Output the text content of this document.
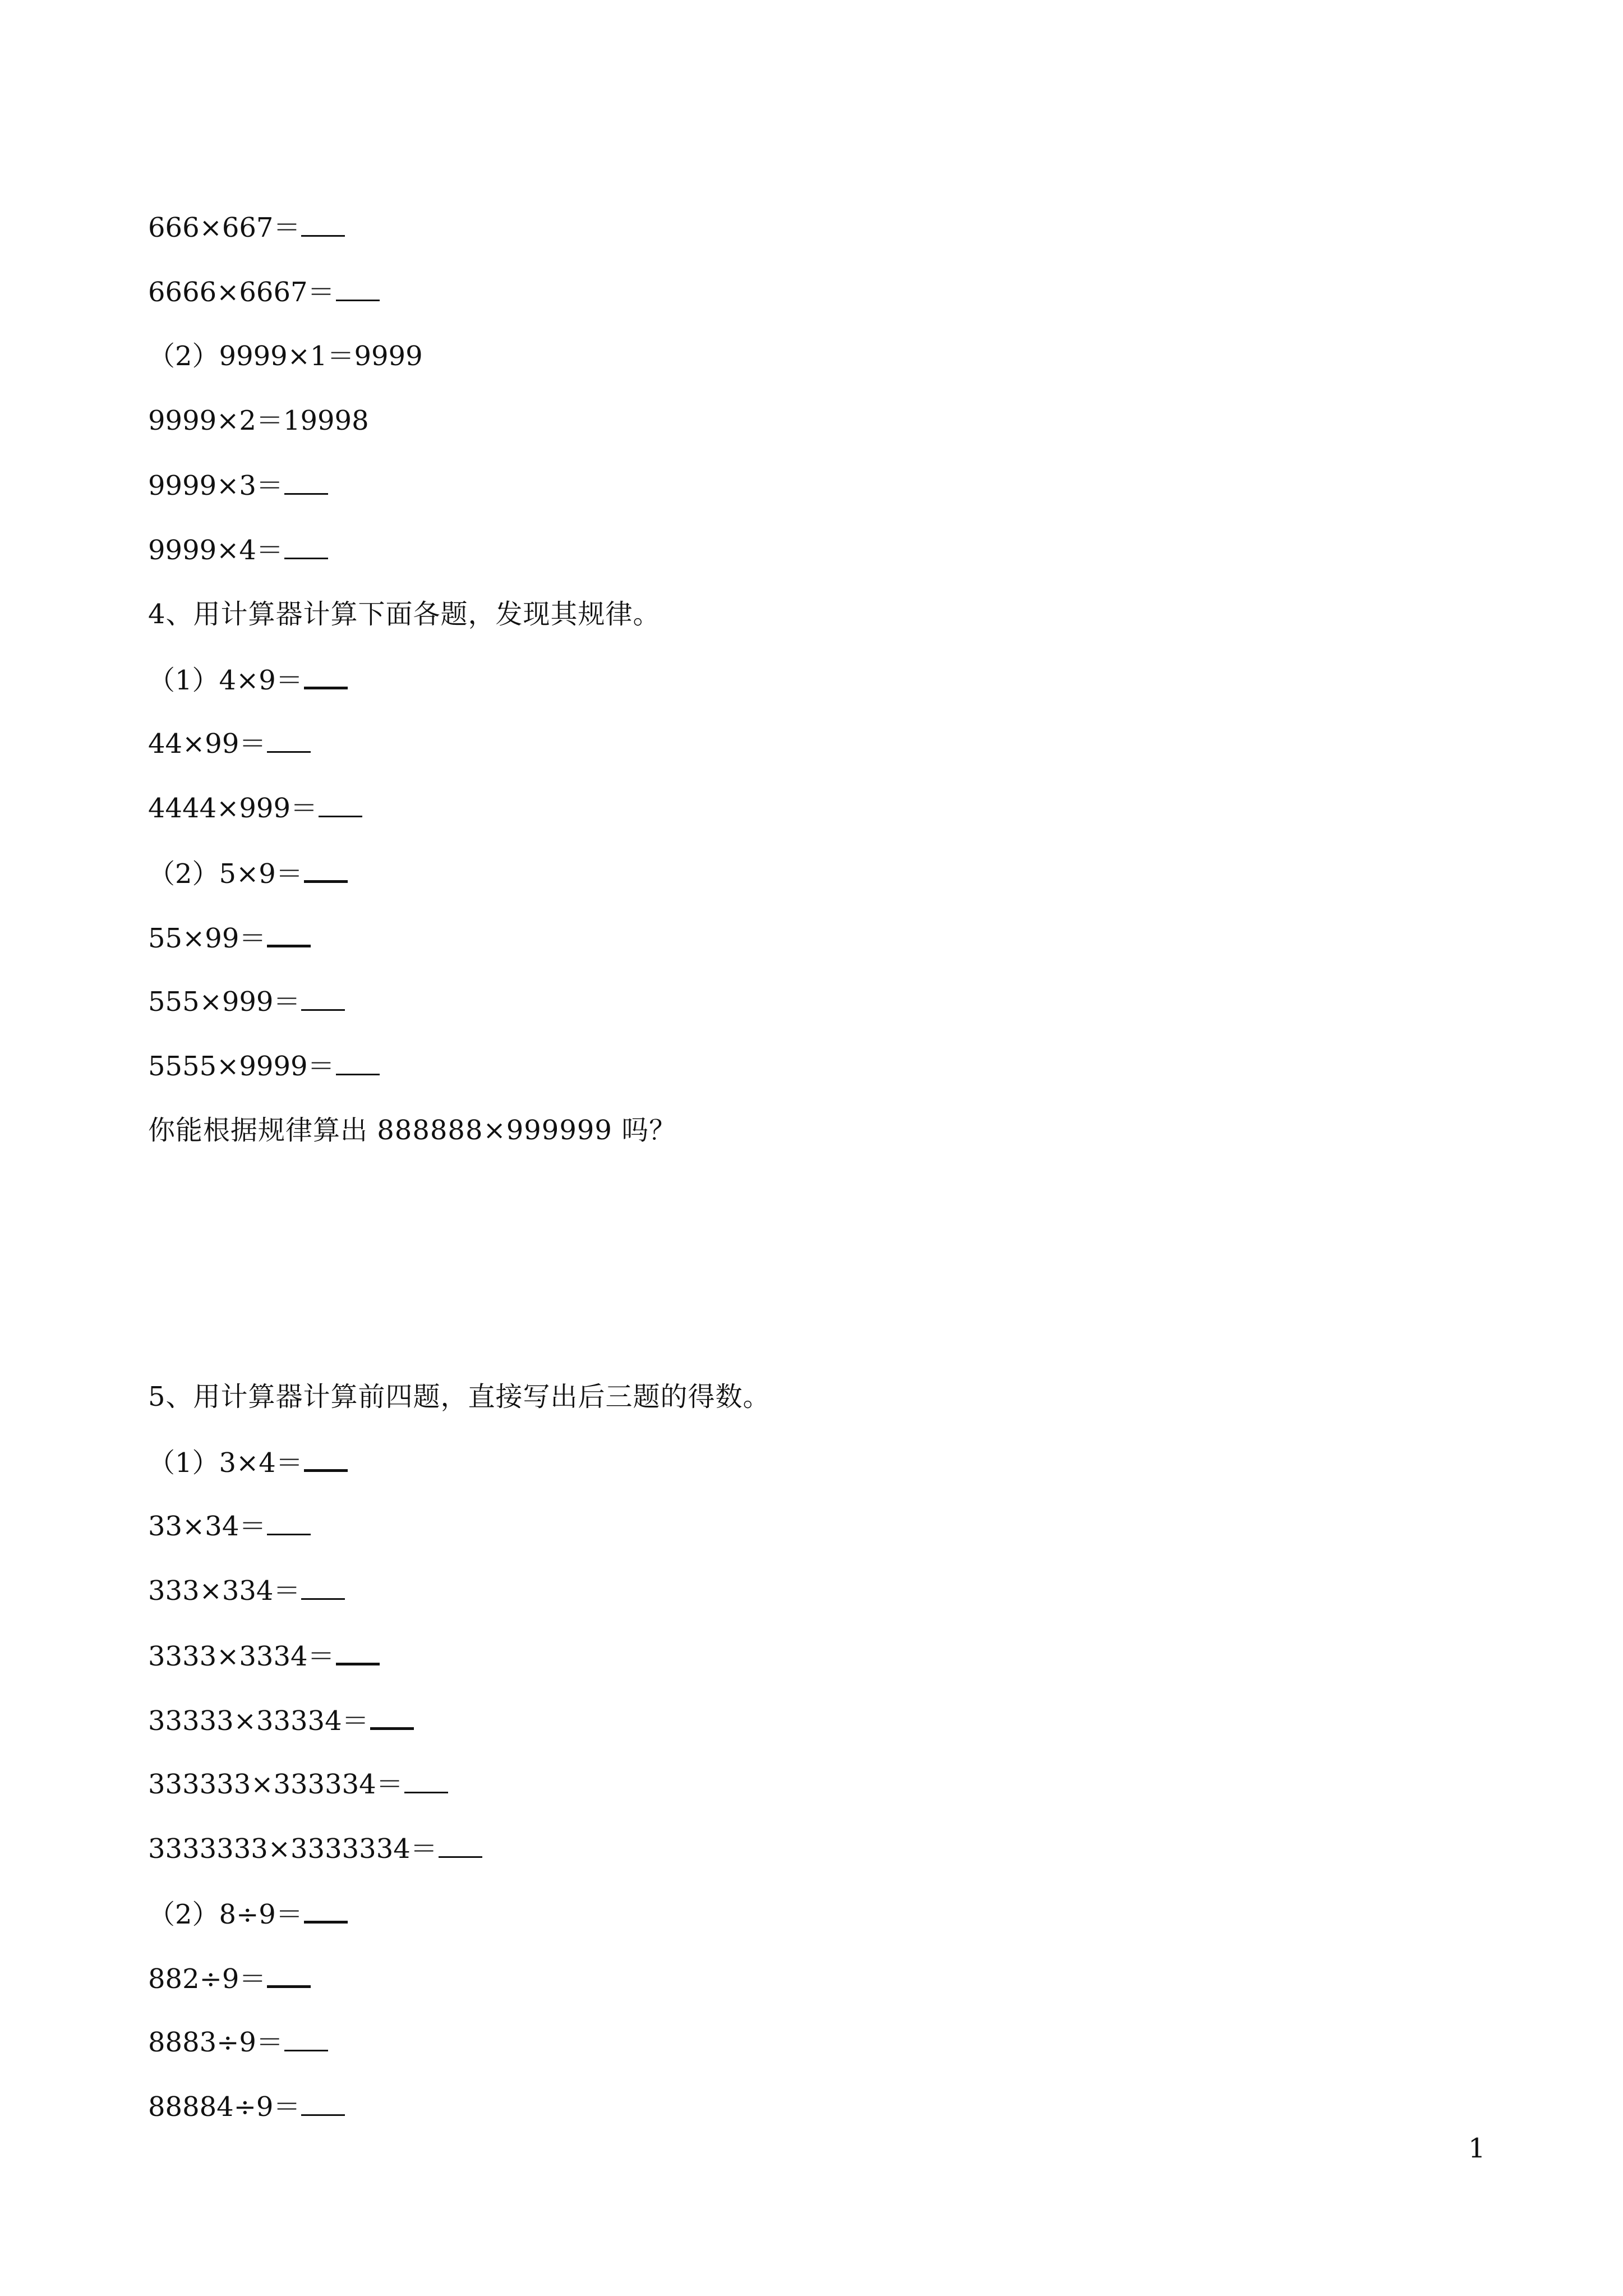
666×667＝
6666×6667＝
（2）9999×1＝9999
9999×2＝19998
9999×3＝
9999×4＝
4、用计算器计算下面各题，发现其规律。
（1）4×9＝
44×99＝
4444×999＝
（2）5×9＝
55×99＝
555×999＝
5555×9999＝
你能根据规律算出 888888×999999 吗？
5、用计算器计算前四题，直接写出后三题的得数。
（1）3×4＝
33×34＝
333×334＝
3333×3334＝
33333×33334＝
333333×333334＝
3333333×3333334＝
（2）8÷9＝
882÷9＝
8883÷9＝
88884÷9＝
1
